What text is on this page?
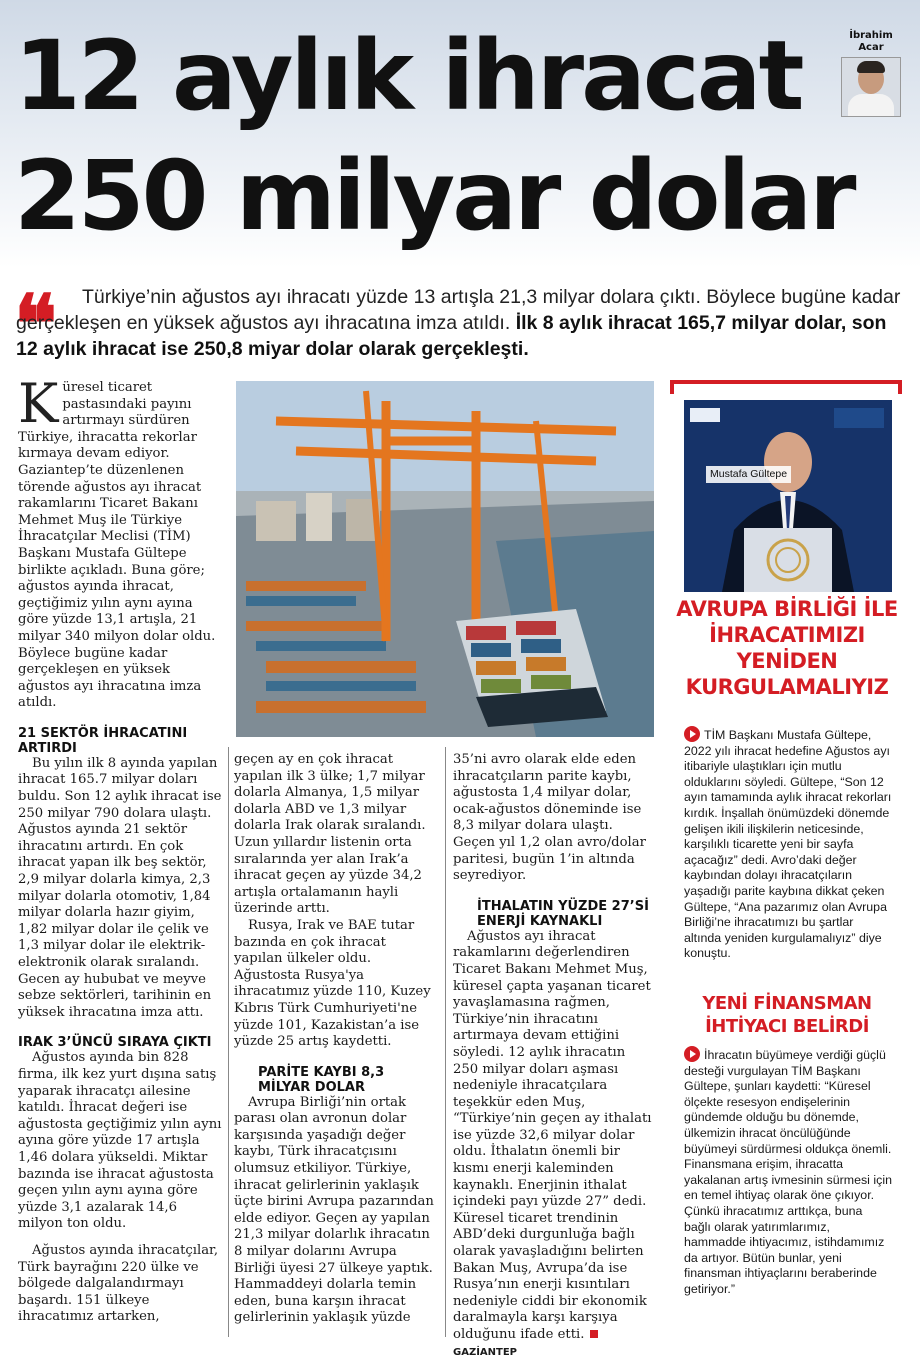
12 aylık ihracat
250 milyar dolar
İbrahim Acar
❝	Türkiye’nin ağustos ayı ihracatı yüzde 13 artışla 21,3 milyar dolara çıktı. Böylece bugüne kadar gerçekleşen en yüksek ağustos ayı ihracatına imza atıldı. İlk 8 aylık ihracat 165,7 milyar dolar, son 12 aylık ihracat ise 250,8 miyar dolar olarak gerçekleşti.

Küresel ticaret pastasındaki payını artırmayı sürdüren Türkiye, ihracatta rekorlar kırmaya devam ediyor. Gaziantep’te düzenlenen törende ağustos ayı ihracat rakamlarını Ticaret Bakanı Mehmet Muş ile Türkiye İhracatçılar Meclisi (TİM) Başkanı Mustafa Gültepe birlikte açıkladı. Buna göre; ağustos ayında ihracat, geçtiğimiz yılın aynı ayına göre yüzde 13,1 artışla, 21 milyar 340 milyon dolar oldu. Böylece bugüne kadar gerçekleşen en yüksek ağustos ayı ihracatına imza atıldı.

21 SEKTÖR İHRACATINI ARTIRDI

Bu yılın ilk 8 ayında yapılan ihracat 165.7 milyar doları buldu. Son 12 aylık ihracat ise 250 milyar 790 dolara ulaştı. Ağustos ayında 21 sektör ihracatını artırdı. En çok ihracat yapan ilk beş sektör, 2,9 milyar dolarla kimya, 2,3 milyar dolarla otomotiv, 1,84 milyar dolarla hazır giyim, 1,82 milyar dolar ile çelik ve 1,3 milyar dolar ile elektrik-elektronik olarak sıralandı. Gecen ay hububat ve meyve sebze sektörleri, tarihinin en yüksek ihracatına imza attı.

IRAK 3’ÜNCÜ SIRAYA ÇIKTI

Ağustos ayında bin 828 firma, ilk kez yurt dışına satış yaparak ihracatçı ailesine katıldı. İhracat değeri ise ağustosta geçtiğimiz yılın aynı ayına göre yüzde 17 artışla 1,46 dolara yükseldi. Miktar bazında ise ihracat ağustosta geçen yılın aynı ayına göre yüzde 3,1 azalarak 14,6 milyon ton oldu.

Ağustos ayında ihracatçılar, Türk bayrağını 220 ülke ve bölgede dalgalandırmayı başardı. 151 ülkeye ihracatımız artarken,

geçen ay en çok ihracat yapılan ilk 3 ülke; 1,7 milyar dolarla Almanya, 1,5 milyar dolarla ABD ve 1,3 milyar dolarla Irak olarak sıralandı. Uzun yıllardır listenin orta sıralarında yer alan Irak’a ihracat geçen ay yüzde 34,2 artışla ortalamanın hayli üzerinde arttı.

Rusya, Irak ve BAE tutar bazında en çok ihracat yapılan ülkeler oldu. Ağustosta Rusya'ya ihracatımız yüzde 110, Kuzey Kıbrıs Türk Cumhuriyeti'ne yüzde 101, Kazakistan’a ise yüzde 25 artış kaydetti.

PARİTE KAYBI 8,3 MİLYAR DOLAR

Avrupa Birliği’nin ortak parası olan avronun dolar karşısında yaşadığı değer kaybı, Türk ihracatçısını olumsuz etkiliyor. Türkiye, ihracat gelirlerinin yaklaşık üçte birini Avrupa pazarından elde ediyor. Geçen ay yapılan 21,3 milyar dolarlık ihracatın 8 milyar dolarını Avrupa Birliği üyesi 27 ülkeye yaptık. Hammaddeyi dolarla temin eden, buna karşın ihracat gelirlerinin yaklaşık yüzde

35’ni avro olarak elde eden ihracatçıların parite kaybı, ağustosta 1,4 milyar dolar, ocak-ağustos döneminde ise 8,3 milyar dolara ulaştı. Geçen yıl 1,2 olan avro/dolar paritesi, bugün 1’in altında seyrediyor.

İTHALATIN YÜZDE 27’Sİ ENERJİ KAYNAKLI

Ağustos ayı ihracat rakamlarını değerlendiren Ticaret Bakanı Mehmet Muş, küresel çapta yaşanan ticaret yavaşlamasına rağmen, Türkiye’nin ihracatını artırmaya devam ettiğini söyledi. 12 aylık ihracatın 250 milyar doları aşması nedeniyle ihracatçılara teşekkür eden Muş, “Türkiye’nin geçen ay ithalatı ise yüzde 32,6 milyar dolar oldu. İthalatın önemli bir kısmı enerji kaleminden kaynaklı. Enerjinin ithalat içindeki payı yüzde 27” dedi. Küresel ticaret trendinin ABD’deki durgunluğa bağlı olarak yavaşladığını belirten Bakan Muş, Avrupa’da ise Rusya’nın enerji kısıntıları nedeniyle ciddi bir ekonomik daralmayla karşı karşıya olduğunu ifade etti.GAZİANTEP

Mustafa Gültepe
AVRUPA BİRLİĞİ İLE İHRACATIMIZI YENİDEN KURGULAMALIYIZ

TİM Başkanı Mustafa Gültepe, 2022 yılı ihracat hedefine Ağustos ayı itibariyle ulaştıkları için mutlu olduklarını söyledi. Gültepe, “Son 12 ayın tamamında aylık ihracat rekorları kırdık. İnşallah önümüzdeki dönemde gelişen ikili ilişkilerin neticesinde, karşılıklı ticarette yeni bir sayfa açacağız” dedi. Avro’daki değer kaybından dolayı ihracatçıların yaşadığı parite kaybına dikkat çeken Gültepe, “Ana pazarımız olan Avrupa Birliği’ne ihracatımızı bu şartlar altında yeniden kurgulamalıyız” diye konuştu.

YENİ FİNANSMAN İHTİYACI BELİRDİ

İhracatın büyümeye verdiği güçlü desteği vurgulayan TİM Başkanı Gültepe, şunları kaydetti: “Küresel ölçekte resesyon endişelerinin gündemde olduğu bu dönemde, ülkemizin ihracat öncülüğünde büyümeyi sürdürmesi oldukça önemli. Finansmana erişim, ihracatta yakalanan artış ivmesinin sürmesi için en temel ihtiyaç olarak öne çıkıyor. Çünkü ihracatımız arttıkça, buna bağlı olarak yatırımlarımız, hammadde ihtiyacımız, istihdamımız da artıyor. Bütün bunlar, yeni finansman ihtiyaçlarını beraberinde getiriyor.”
